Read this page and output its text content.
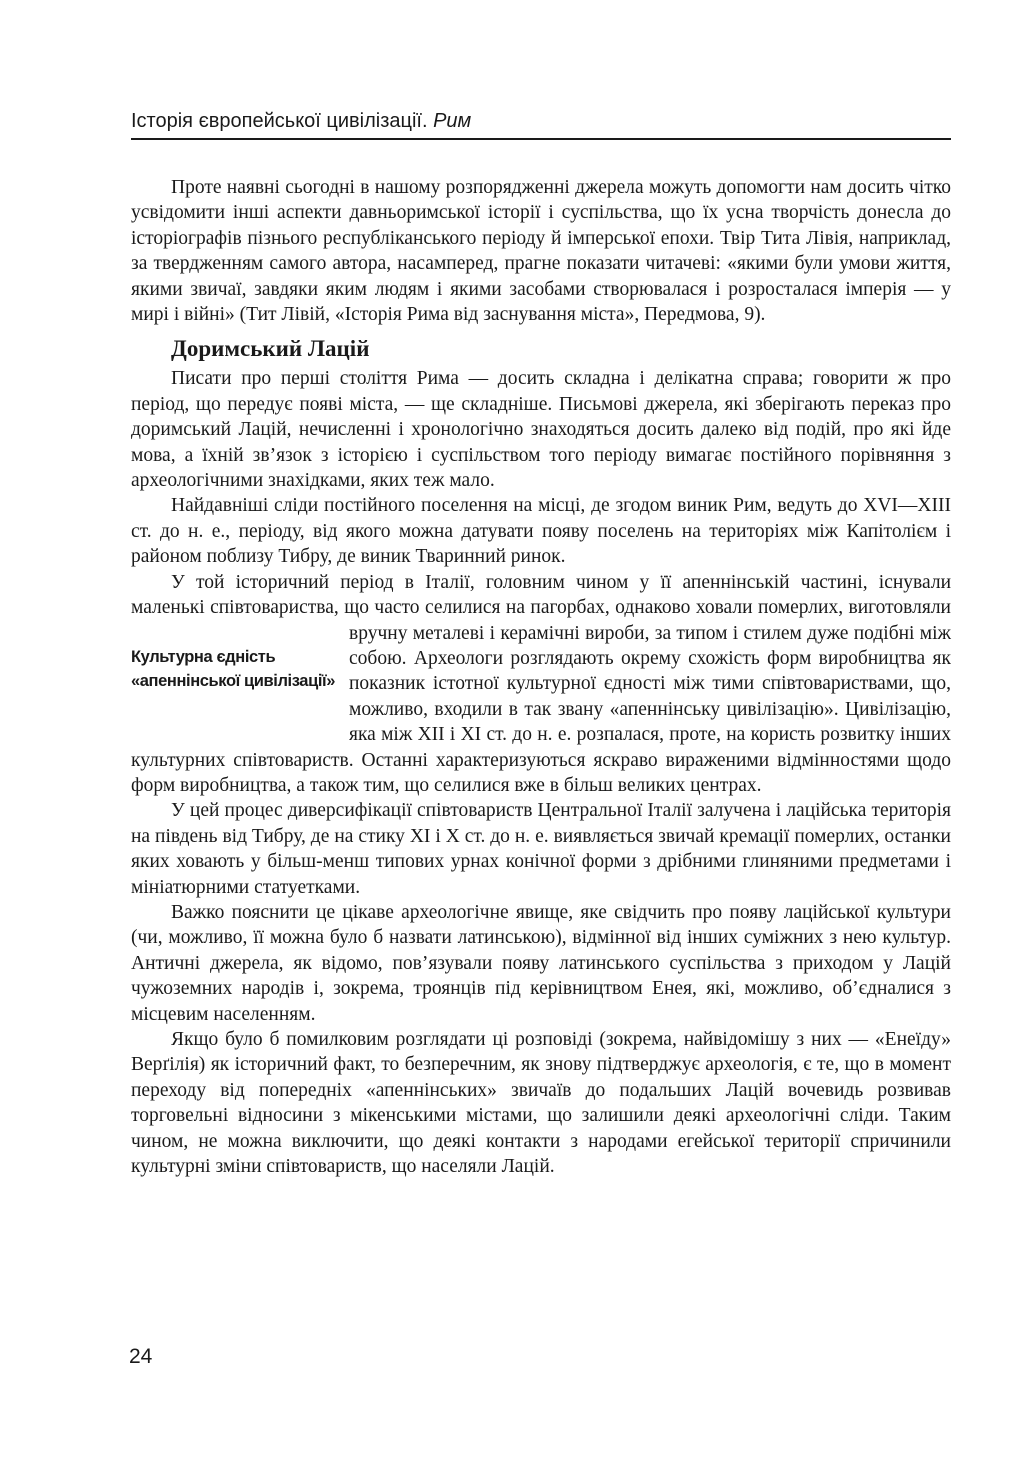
Історія європейської цивілізації. Рим

Проте наявні сьогодні в нашому розпорядженні джерела можуть допомогти нам досить чітко усвідомити інші аспекти давньоримської історії і суспільства, що їх усна творчість донесла до історіографів пізнього республіканського періоду й імперської епохи. Твір Тита Лівія, наприклад, за твердженням самого автора, насамперед, прагне показати читачеві: «якими були умови життя, якими звичаї, завдяки яким людям і якими засобами створювалася і розросталася імперія — у мирі і війні» (Тит Лівій, «Історія Рима від заснування міста», Передмова, 9).

Доримський Лацій

Писати про перші століття Рима — досить складна і делікатна справа; говорити ж про період, що передує появі міста, — ще складніше. Письмові джерела, які зберігають переказ про доримський Лацій, нечисленні і хронологічно знаходяться досить далеко від подій, про які йде мова, а їхній зв’язок з історією і суспільством того періоду вимагає постійного порівняння з археологічними знахідками, яких теж мало.

Найдавніші сліди постійного поселення на місці, де згодом виник Рим, ведуть до XVI—XIII ст. до н. е., періоду, від якого можна датувати появу поселень на територіях між Капітолієм і районом поблизу Тибру, де виник Тваринний ринок.

У той історичний період в Італії, головним чином у її апеннінській частині, існували маленькі співтовариства, що часто селилися на пагорбах, однаково ховали померлих, виготовляли вручну металеві і керамічні вироби, за типом і стилем дуже подібні
Культурна єдність
«апеннінської цивілізації»
між собою. Археологи розглядають окрему схожість форм виробництва як показник істотної культурної єдності між тими співтовариствами, що, можливо, входили в так звану «апеннінську цивілізацію». Цивілізацію, яка між XII і XI ст. до н. е. розпалася, проте, на користь розвитку інших культурних співтовариств. Останні характеризуються яскраво вираженими відмінностями щодо форм виробництва, а також тим, що селилися вже в більш великих центрах.

У цей процес диверсифікації співтовариств Центральної Італії залучена і лаційська територія на південь від Тибру, де на стику XI і X ст. до н. е. виявляється звичай кремації померлих, останки яких ховають у більш-менш типових урнах конічної форми з дрібними глиняними предметами і мініатюрними статуетками.

Важко пояснити це цікаве археологічне явище, яке свідчить про появу лаційської культури (чи, можливо, її можна було б назвати латинською), відмінної від інших суміжних з нею культур. Античні джерела, як відомо, пов’язували появу латинського суспільства з приходом у Лацій чужоземних народів і, зокрема, троянців під керівництвом Енея, які, можливо, об’єдналися з місцевим населенням.

Якщо було б помилковим розглядати ці розповіді (зокрема, найвідомішу з них — «Енеїду» Верґілія) як історичний факт, то безперечним, як знову підтверджує археологія, є те, що в момент переходу від попередніх «апеннінських» звичаїв до подальших Лацій вочевидь розвивав торговельні відносини з мікенськими містами, що залишили деякі археологічні сліди. Таким чином, не можна виключити, що деякі контакти з народами егейської території спричинили культурні зміни співтовариств, що населяли Лацій.

24
